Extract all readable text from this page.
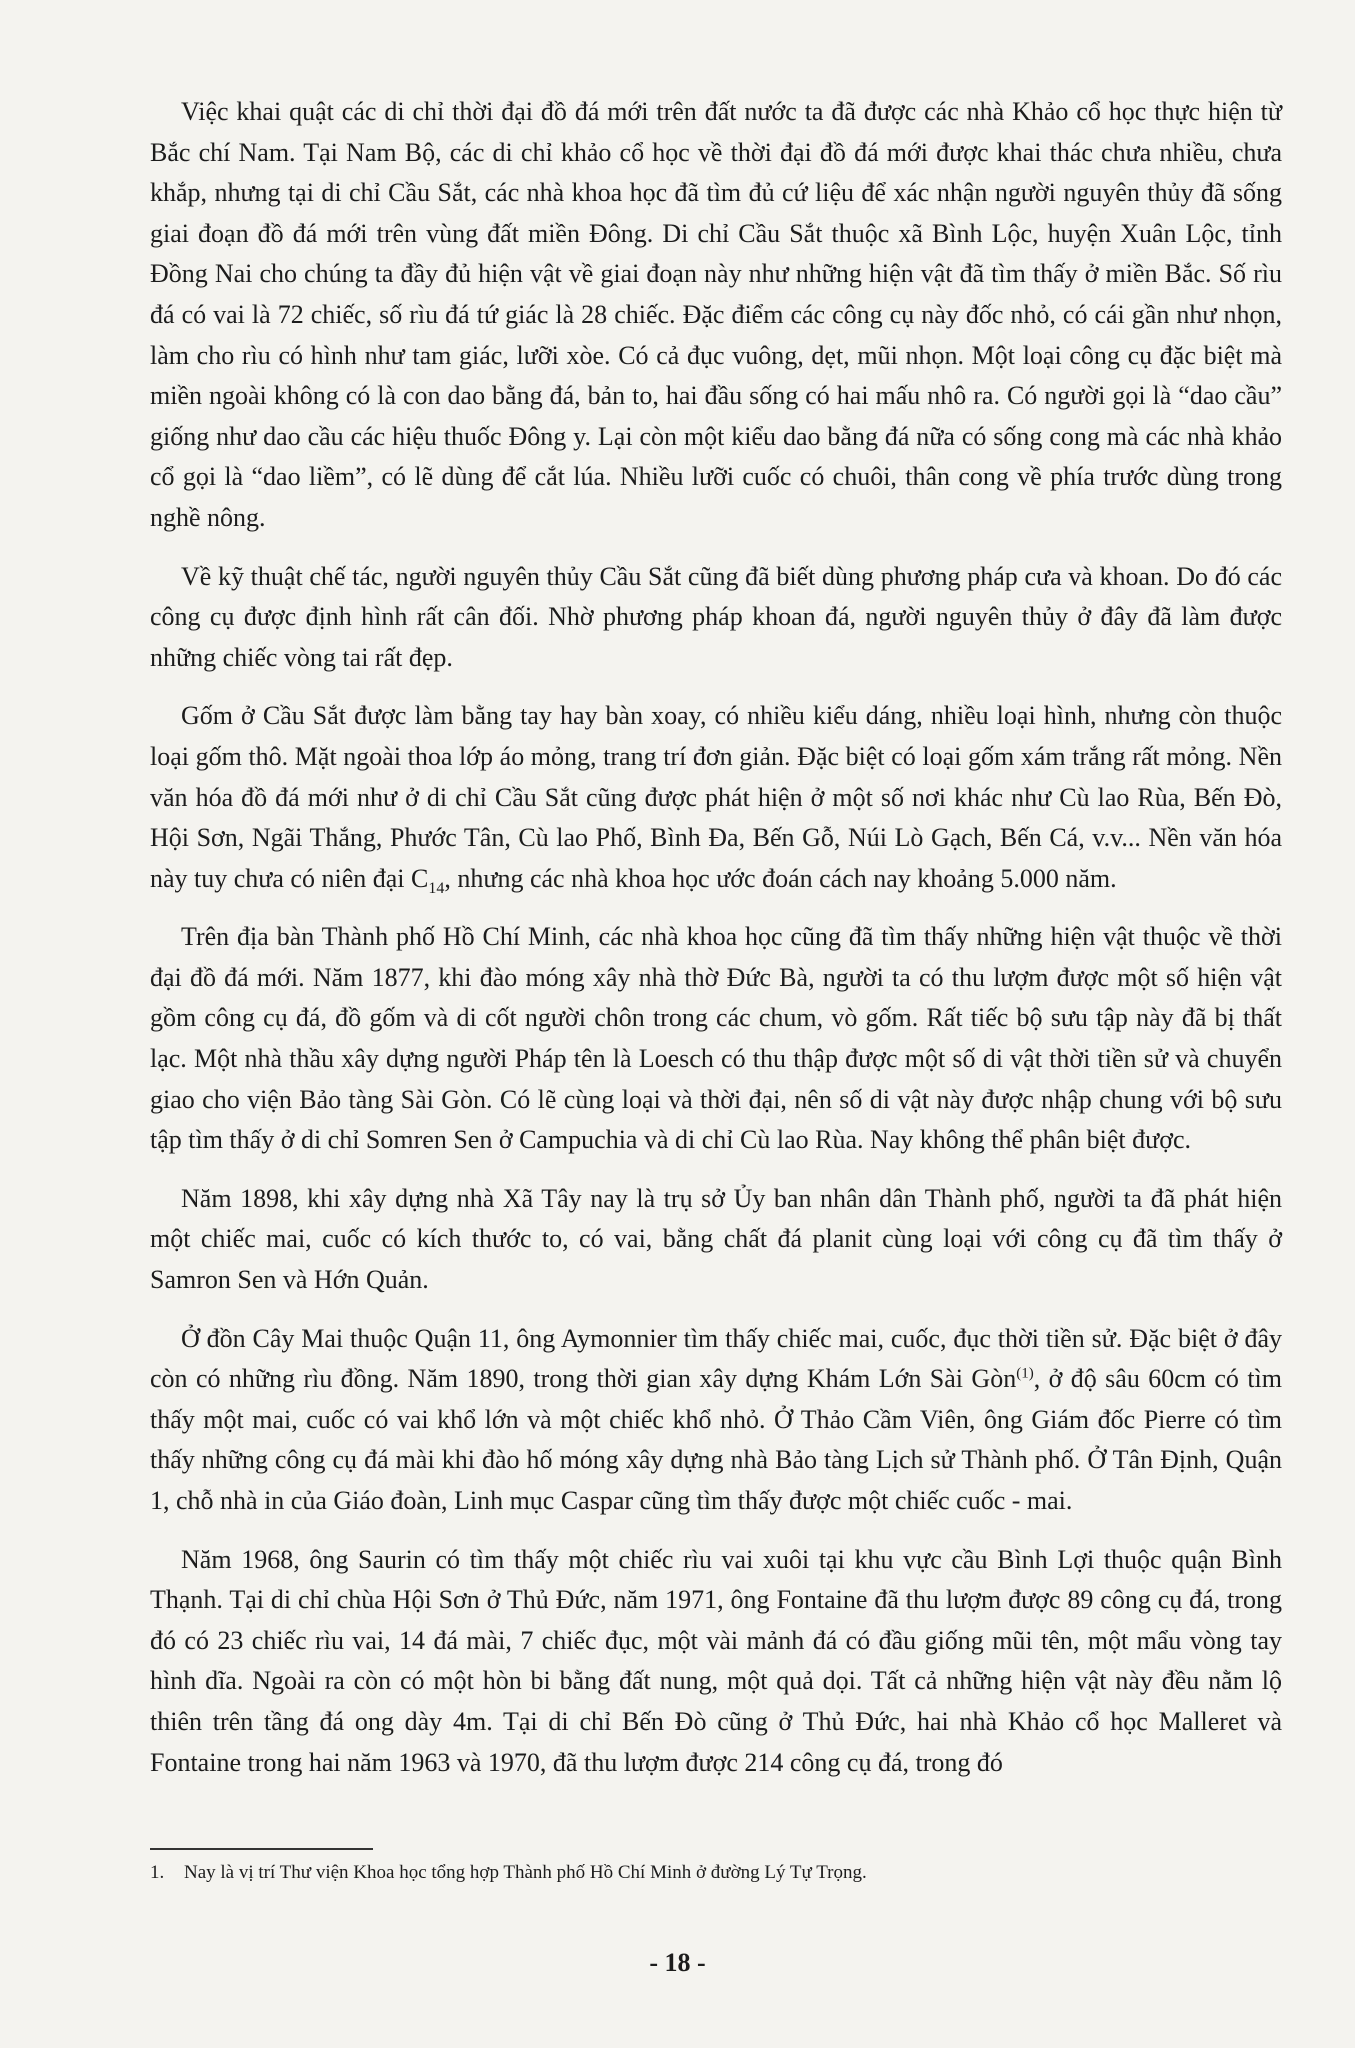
Việc khai quật các di chỉ thời đại đồ đá mới trên đất nước ta đã được các nhà Khảo cổ học thực hiện từ Bắc chí Nam. Tại Nam Bộ, các di chỉ khảo cổ học về thời đại đồ đá mới được khai thác chưa nhiều, chưa khắp, nhưng tại di chỉ Cầu Sắt, các nhà khoa học đã tìm đủ cứ liệu để xác nhận người nguyên thủy đã sống giai đoạn đồ đá mới trên vùng đất miền Đông. Di chỉ Cầu Sắt thuộc xã Bình Lộc, huyện Xuân Lộc, tỉnh Đồng Nai cho chúng ta đầy đủ hiện vật về giai đoạn này như những hiện vật đã tìm thấy ở miền Bắc. Số rìu đá có vai là 72 chiếc, số rìu đá tứ giác là 28 chiếc. Đặc điểm các công cụ này đốc nhỏ, có cái gần như nhọn, làm cho rìu có hình như tam giác, lưỡi xòe. Có cả đục vuông, dẹt, mũi nhọn. Một loại công cụ đặc biệt mà miền ngoài không có là con dao bằng đá, bản to, hai đầu sống có hai mấu nhô ra. Có người gọi là “dao cầu” giống như dao cầu các hiệu thuốc Đông y. Lại còn một kiểu dao bằng đá nữa có sống cong mà các nhà khảo cổ gọi là “dao liềm”, có lẽ dùng để cắt lúa. Nhiều lưỡi cuốc có chuôi, thân cong về phía trước dùng trong nghề nông.

Về kỹ thuật chế tác, người nguyên thủy Cầu Sắt cũng đã biết dùng phương pháp cưa và khoan. Do đó các công cụ được định hình rất cân đối. Nhờ phương pháp khoan đá, người nguyên thủy ở đây đã làm được những chiếc vòng tai rất đẹp.

Gốm ở Cầu Sắt được làm bằng tay hay bàn xoay, có nhiều kiểu dáng, nhiều loại hình, nhưng còn thuộc loại gốm thô. Mặt ngoài thoa lớp áo mỏng, trang trí đơn giản. Đặc biệt có loại gốm xám trắng rất mỏng. Nền văn hóa đồ đá mới như ở di chỉ Cầu Sắt cũng được phát hiện ở một số nơi khác như Cù lao Rùa, Bến Đò, Hội Sơn, Ngãi Thắng, Phước Tân, Cù lao Phố, Bình Đa, Bến Gỗ, Núi Lò Gạch, Bến Cá, v.v... Nền văn hóa này tuy chưa có niên đại $C_{14}$, nhưng các nhà khoa học ước đoán cách nay khoảng 5.000 năm.

Trên địa bàn Thành phố Hồ Chí Minh, các nhà khoa học cũng đã tìm thấy những hiện vật thuộc về thời đại đồ đá mới. Năm 1877, khi đào móng xây nhà thờ Đức Bà, người ta có thu lượm được một số hiện vật gồm công cụ đá, đồ gốm và di cốt người chôn trong các chum, vò gốm. Rất tiếc bộ sưu tập này đã bị thất lạc. Một nhà thầu xây dựng người Pháp tên là Loesch có thu thập được một số di vật thời tiền sử và chuyển giao cho viện Bảo tàng Sài Gòn. Có lẽ cùng loại và thời đại, nên số di vật này được nhập chung với bộ sưu tập tìm thấy ở di chỉ Somren Sen ở Campuchia và di chỉ Cù lao Rùa. Nay không thể phân biệt được.

Năm 1898, khi xây dựng nhà Xã Tây nay là trụ sở Ủy ban nhân dân Thành phố, người ta đã phát hiện một chiếc mai, cuốc có kích thước to, có vai, bằng chất đá planit cùng loại với công cụ đã tìm thấy ở Samron Sen và Hớn Quản.

Ở đồn Cây Mai thuộc Quận 11, ông Aymonnier tìm thấy chiếc mai, cuốc, đục thời tiền sử. Đặc biệt ở đây còn có những rìu đồng. Năm 1890, trong thời gian xây dựng Khám Lớn Sài Gòn$^{(1)}$, ở độ sâu 60cm có tìm thấy một mai, cuốc có vai khổ lớn và một chiếc khổ nhỏ. Ở Thảo Cầm Viên, ông Giám đốc Pierre có tìm thấy những công cụ đá mài khi đào hố móng xây dựng nhà Bảo tàng Lịch sử Thành phố. Ở Tân Định, Quận 1, chỗ nhà in của Giáo đoàn, Linh mục Caspar cũng tìm thấy được một chiếc cuốc - mai.

Năm 1968, ông Saurin có tìm thấy một chiếc rìu vai xuôi tại khu vực cầu Bình Lợi thuộc quận Bình Thạnh. Tại di chỉ chùa Hội Sơn ở Thủ Đức, năm 1971, ông Fontaine đã thu lượm được 89 công cụ đá, trong đó có 23 chiếc rìu vai, 14 đá mài, 7 chiếc đục, một vài mảnh đá có đầu giống mũi tên, một mẩu vòng tay hình dĩa. Ngoài ra còn có một hòn bi bằng đất nung, một quả dọi. Tất cả những hiện vật này đều nằm lộ thiên trên tầng đá ong dày 4m. Tại di chỉ Bến Đò cũng ở Thủ Đức, hai nhà Khảo cổ học Malleret và Fontaine trong hai năm 1963 và 1970, đã thu lượm được 214 công cụ đá, trong đó

1. Nay là vị trí Thư viện Khoa học tổng hợp Thành phố Hồ Chí Minh ở đường Lý Tự Trọng.
- 18 -
